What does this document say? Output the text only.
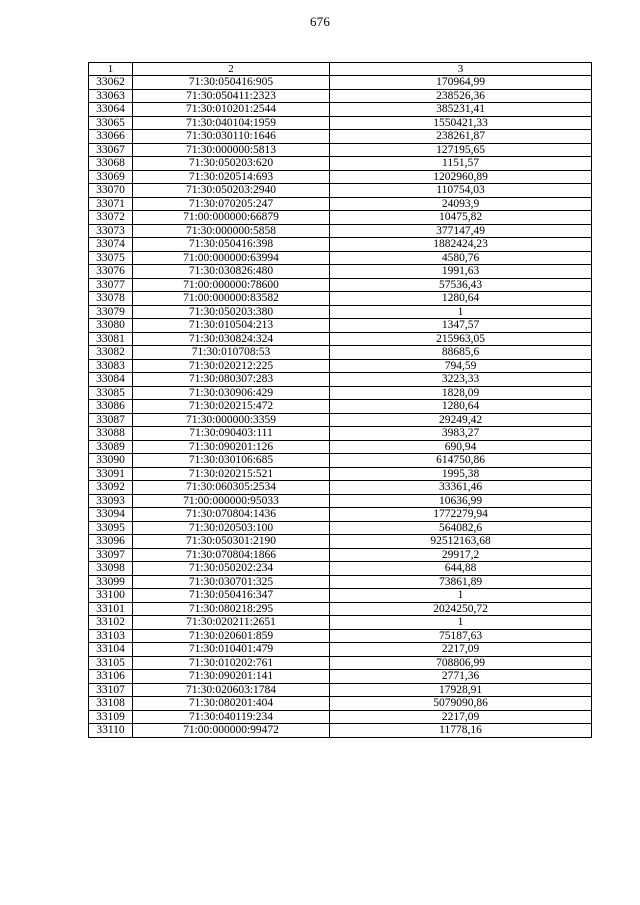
676
1	2	3
33062	71:30:050416:905	170964,99
33063	71:30:050411:2323	238526,36
33064	71:30:010201:2544	385231,41
33065	71:30:040104:1959	1550421,33
33066	71:30:030110:1646	238261,87
33067	71:30:000000:5813	127195,65
33068	71:30:050203:620	1151,57
33069	71:30:020514:693	1202960,89
33070	71:30:050203:2940	110754,03
33071	71:30:070205:247	24093,9
33072	71:00:000000:66879	10475,82
33073	71:30:000000:5858	377147,49
33074	71:30:050416:398	1882424,23
33075	71:00:000000:63994	4580,76
33076	71:30:030826:480	1991,63
33077	71:00:000000:78600	57536,43
33078	71:00:000000:83582	1280,64
33079	71:30:050203:380	1
33080	71:30:010504:213	1347,57
33081	71:30:030824:324	215963,05
33082	71:30:010708:53	88685,6
33083	71:30:020212:225	794,59
33084	71:30:080307:283	3223,33
33085	71:30:030906:429	1828,09
33086	71:30:020215:472	1280,64
33087	71:30:000000:3359	29249,42
33088	71:30:090403:111	3983,27
33089	71:30:090201:126	690,94
33090	71:30:030106:685	614750,86
33091	71:30:020215:521	1995,38
33092	71:30:060305:2534	33361,46
33093	71:00:000000:95033	10636,99
33094	71:30:070804:1436	1772279,94
33095	71:30:020503:100	564082,6
33096	71:30:050301:2190	92512163,68
33097	71:30:070804:1866	29917,2
33098	71:30:050202:234	644,88
33099	71:30:030701:325	73861,89
33100	71:30:050416:347	1
33101	71:30:080218:295	2024250,72
33102	71:30:020211:2651	1
33103	71:30:020601:859	75187,63
33104	71:30:010401:479	2217,09
33105	71:30:010202:761	708806,99
33106	71:30:090201:141	2771,36
33107	71:30:020603:1784	17928,91
33108	71:30:080201:404	5079090,86
33109	71:30:040119:234	2217,09
33110	71:00:000000:99472	11778,16
